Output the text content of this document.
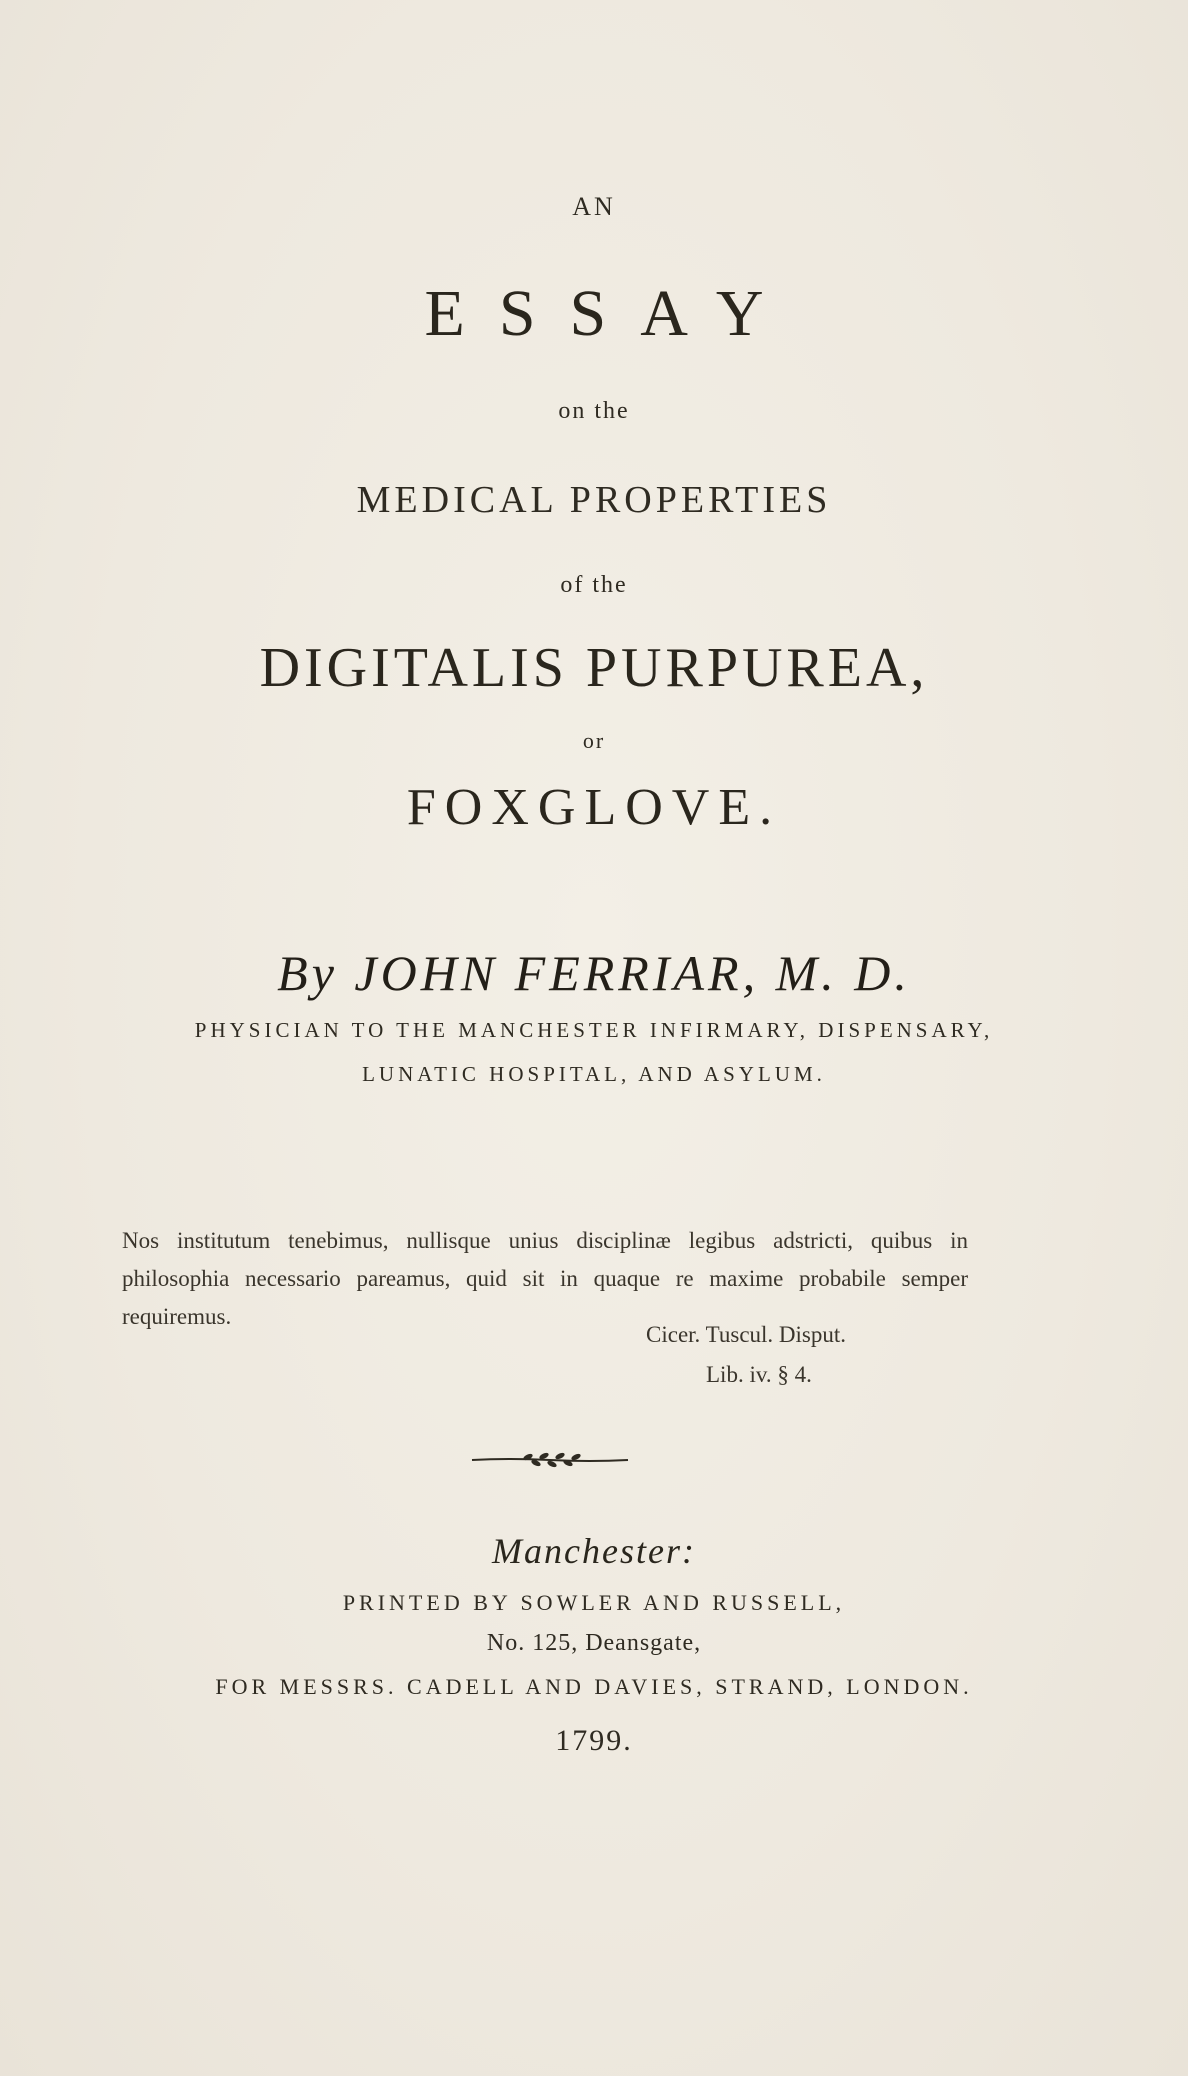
AN
ESSAY
on the
MEDICAL PROPERTIES
of the
DIGITALIS PURPUREA,
or
FOXGLOVE.
By JOHN FERRIAR, M. D.
PHYSICIAN TO THE MANCHESTER INFIRMARY, DISPENSARY,
LUNATIC HOSPITAL, AND ASYLUM.
Nos institutum tenebimus, nullisque unius disciplinæ legibus adstricti, quibus in philosophia necessario pareamus, quid sit in quaque re maxime probabile semper requiremus.
Cicer. Tuscul. Disput.
Lib. iv. § 4.
Manchester:
PRINTED BY SOWLER AND RUSSELL,
No. 125, Deansgate,
FOR MESSRS. CADELL AND DAVIES, STRAND, LONDON.
1799.
